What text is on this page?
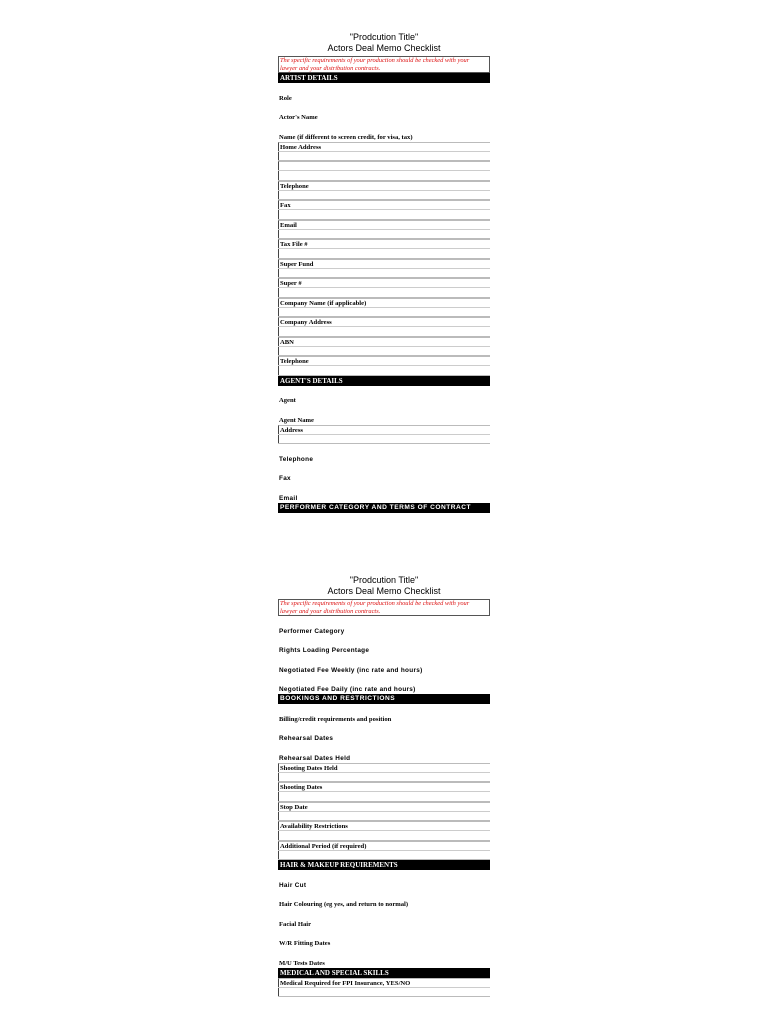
"Prodcution Title"
Actors Deal Memo Checklist
The specific requirements of your production should be checked with your lawyer and your distribution contracts.
ARTIST DETAILS
Role
Actor's Name
Name (if different to screen credit, for visa, tax)
Home Address
Telephone
Fax
Email
Tax File #
Super Fund
Super #
Company Name (if applicable)
Company Address
ABN
Telephone
AGENT'S DETAILS
Agent
Agent Name
Address
Telephone
Fax
Email
PERFORMER CATEGORY AND TERMS OF CONTRACT
"Prodcution Title"
Actors Deal Memo Checklist
The specific requirements of your production should be checked with your lawyer and your distribution contracts.
Performer Category
Rights Loading Percentage
Negotiated Fee Weekly (inc rate and hours)
Negotiated Fee Daily (inc rate and hours)
BOOKINGS AND RESTRICTIONS
Billing/credit requirements and position
Rehearsal Dates
Rehearsal Dates Held
Shooting Dates Held
Shooting Dates
Stop Date
Availability Restrictions
Additional Period (if required)
HAIR & MAKEUP REQUIREMENTS
Hair Cut
Hair Colouring (eg yes, and return to normal)
Facial Hair
W/R Fitting Dates
M/U Tests Dates
MEDICAL AND SPECIAL SKILLS
Medical Required for FPI Insurance, YES/NO
